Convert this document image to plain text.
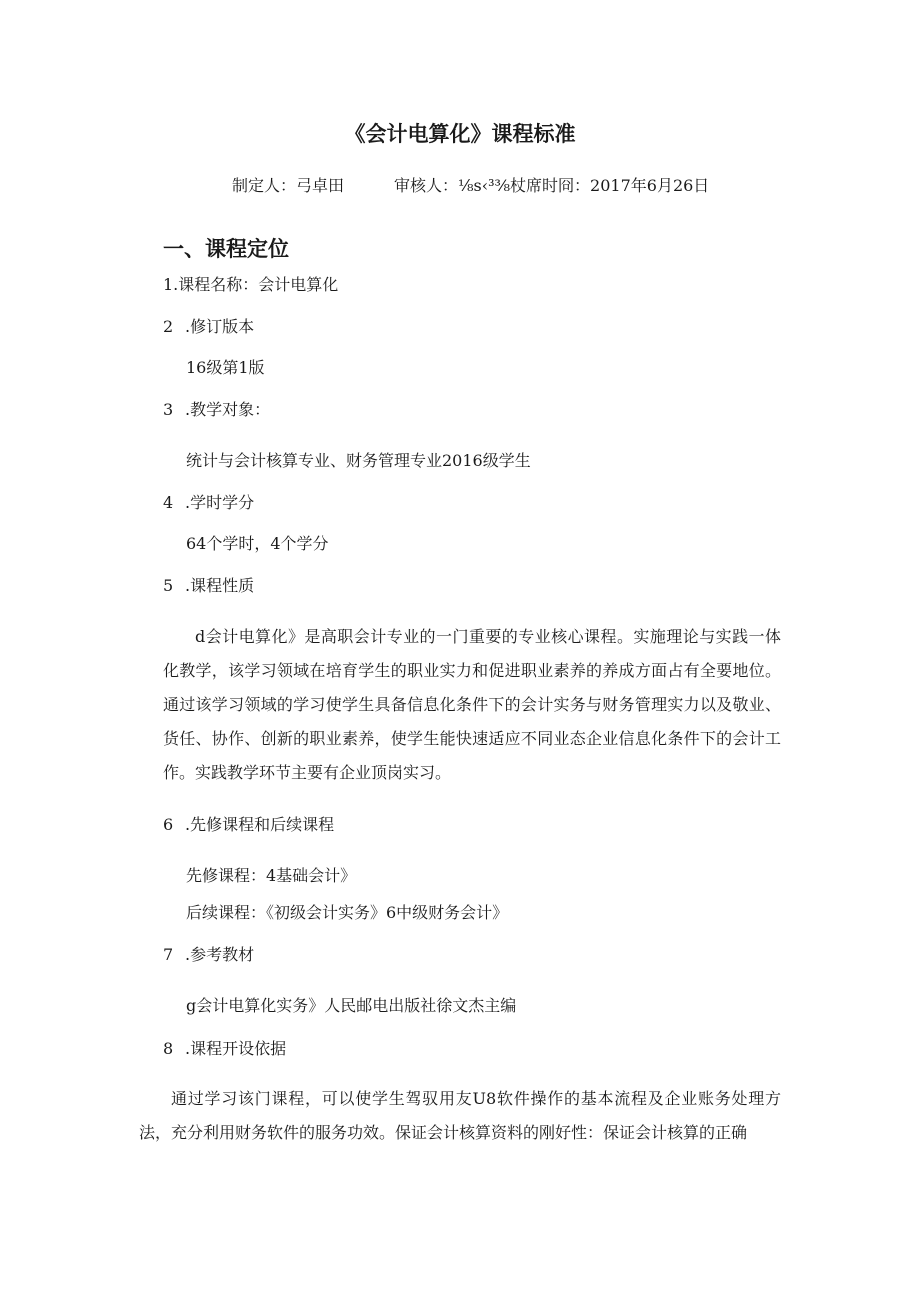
《会计电算化》课程标准
制定人：弓卓田	审核人：⅛s‹³⅜杖席时冏：2017年6月26日
一、课程定位
1.课程名称：会计电算化
2 .修订版本
16级第1版
3 .教学对象：
统计与会计核算专业、财务管理专业2016级学生
4 .学时学分
64个学时，4个学分
5 .课程性质
d会计电算化》是高职会计专业的一门重要的专业核心课程。实施理论与实践一体化教学，该学习领域在培育学生的职业实力和促进职业素养的养成方面占有全要地位。通过该学习领域的学习使学生具备信息化条件下的会计实务与财务管理实力以及敬业、货任、协作、创新的职业素养，使学生能快速适应不同业态企业信息化条件下的会计工作。实践教学环节主要有企业顶岗实习。
6 .先修课程和后续课程
先修课程：4基础会计》
后续课程：《初级会计实务》6中级财务会计》
7 .参考教材
g会计电算化实务》人民邮电出版社徐文杰主编
8 .课程开设依据
通过学习该门课程，可以使学生驾驭用友U8软件操作的基本流程及企业账务处理方法，充分利用财务软件的服务功效。保证会计核算资料的刚好性：保证会计核算的正确
